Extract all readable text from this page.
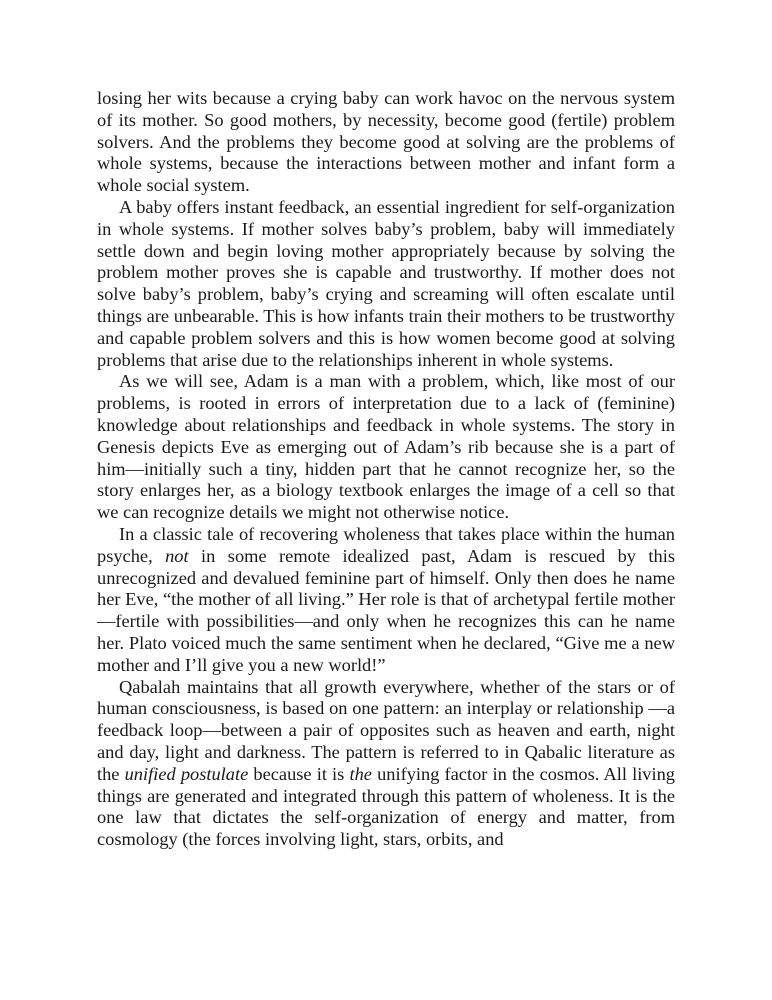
losing her wits because a crying baby can work havoc on the nervous system of its mother. So good mothers, by necessity, become good (fertile) problem solvers. And the problems they become good at solving are the problems of whole systems, because the interactions between mother and infant form a whole social system.

A baby offers instant feedback, an essential ingredient for self-organization in whole systems. If mother solves baby’s problem, baby will immediately settle down and begin loving mother appropriately because by solving the problem mother proves she is capable and trustworthy. If mother does not solve baby’s problem, baby’s crying and screaming will often escalate until things are unbearable. This is how infants train their mothers to be trustworthy and capable problem solvers and this is how women become good at solving problems that arise due to the relationships inherent in whole systems.

As we will see, Adam is a man with a problem, which, like most of our problems, is rooted in errors of interpretation due to a lack of (feminine) knowledge about relationships and feedback in whole systems. The story in Genesis depicts Eve as emerging out of Adam’s rib because she is a part of him—initially such a tiny, hidden part that he cannot recognize her, so the story enlarges her, as a biology textbook enlarges the image of a cell so that we can recognize details we might not otherwise notice.

In a classic tale of recovering wholeness that takes place within the human psyche, not in some remote idealized past, Adam is rescued by this unrecognized and devalued feminine part of himself. Only then does he name her Eve, “the mother of all living.” Her role is that of archetypal fertile mother—fertile with possibilities—and only when he recognizes this can he name her. Plato voiced much the same sentiment when he declared, “Give me a new mother and I’ll give you a new world!”

Qabalah maintains that all growth everywhere, whether of the stars or of human consciousness, is based on one pattern: an interplay or relationship —a feedback loop—between a pair of opposites such as heaven and earth, night and day, light and darkness. The pattern is referred to in Qabalic literature as the unified postulate because it is the unifying factor in the cosmos. All living things are generated and integrated through this pattern of wholeness. It is the one law that dictates the self-organization of energy and matter, from cosmology (the forces involving light, stars, orbits, and
